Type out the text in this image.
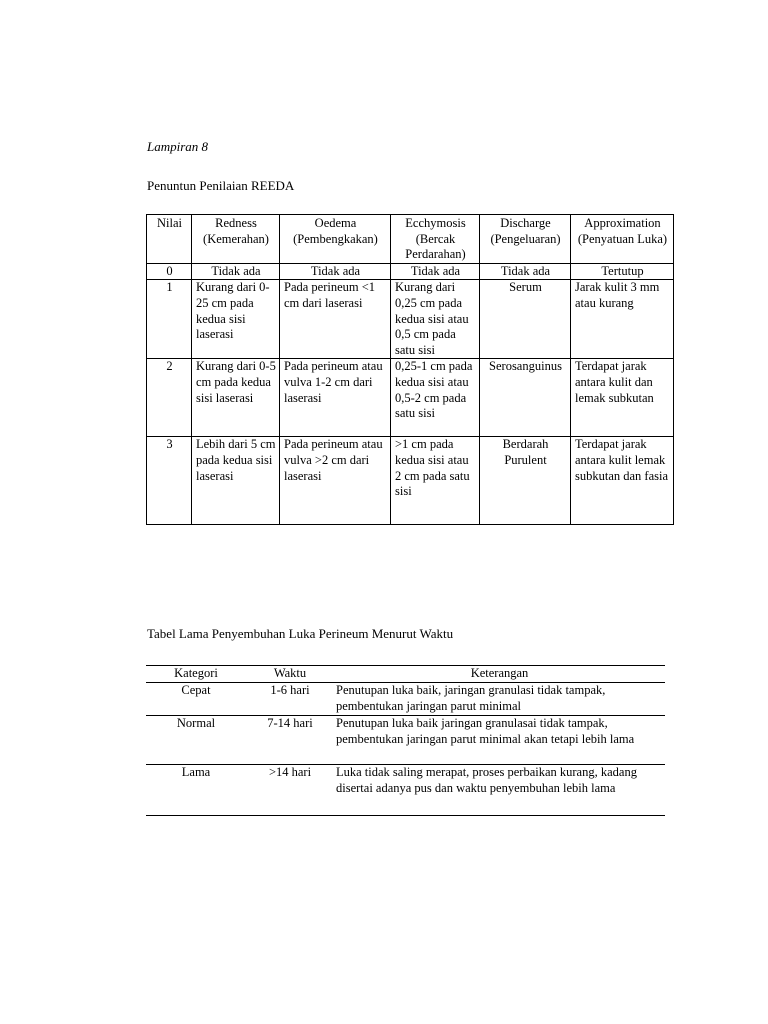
Lampiran 8
Penuntun Penilaian REEDA
Nilai	Redness (Kemerahan)	Oedema (Pembengkakan)	Ecchymosis (Bercak Perdarahan)	Discharge (Pengeluaran)	Approximation (Penyatuan Luka)
0	Tidak ada	Tidak ada	Tidak ada	Tidak ada	Tertutup
1	Kurang dari 0-25 cm pada kedua sisi laserasi	Pada perineum <1 cm dari laserasi	Kurang dari 0,25 cm pada kedua sisi atau 0,5 cm pada satu sisi	Serum	Jarak kulit 3 mm atau kurang
2	Kurang dari 0-5 cm pada kedua sisi laserasi	Pada perineum atau vulva 1-2 cm dari laserasi	0,25-1 cm pada kedua sisi atau 0,5-2 cm pada satu sisi	Serosanguinus	Terdapat jarak antara kulit dan lemak subkutan
3	Lebih dari 5 cm pada kedua sisi laserasi	Pada perineum atau vulva >2 cm dari laserasi	>1 cm pada kedua sisi atau 2 cm pada satu sisi	Berdarah Purulent	Terdapat jarak antara kulit lemak subkutan dan fasia
Tabel Lama Penyembuhan Luka Perineum Menurut Waktu
Kategori	Waktu	Keterangan
Cepat	1-6 hari	Penutupan luka baik, jaringan granulasi tidak tampak, pembentukan jaringan parut minimal
Normal	7-14 hari	Penutupan luka baik jaringan granulasai tidak tampak, pembentukan jaringan parut minimal akan tetapi lebih lama
Lama	>14 hari	Luka tidak saling merapat, proses perbaikan kurang, kadang disertai adanya pus dan waktu penyembuhan lebih lama
